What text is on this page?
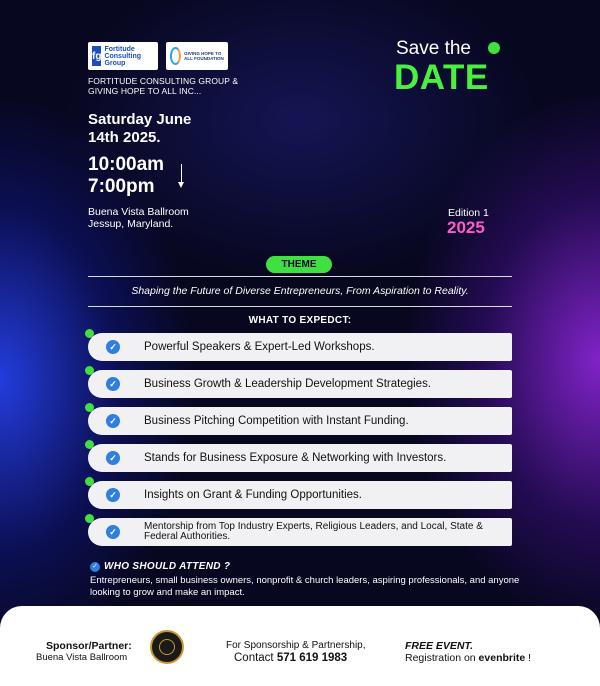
fg
Fortitude Consulting Group
GIVING HOPE TO ALL FOUNDATION
FORTITUDE CONSULTING GROUP & GIVING HOPE TO ALL INC...
Save the
DATE
Saturday June 14th 2025.
10:00am
7:00pm
Buena Vista Ballroom Jessup, Maryland.
EMPOWER
DIASPORA
SUMMIT	Edition 1
2025
THEME
Shaping the Future of Diverse Entrepreneurs, From Aspiration to Reality.
WHAT TO EXPEDCT:
✓ Powerful Speakers & Expert-Led Workshops.
✓ Business Growth & Leadership Development Strategies.
✓ Business Pitching Competition with Instant Funding.
✓ Stands for Business Exposure & Networking with Investors.
✓ Insights on Grant & Funding Opportunities.
✓
Mentorship from Top Industry Experts, Religious Leaders, and Local, State & Federal Authorities.
✓ WHO SHOULD ATTEND ?
Entrepreneurs, small business owners, nonprofit & church leaders, aspiring professionals, and anyone looking to grow and make an impact.
Sponsor/Partner:
Buena Vista Ballroom
For Sponsorship & Partnership,
Contact 571 619 1983
FREE EVENT.
Registration on evenbrite !
